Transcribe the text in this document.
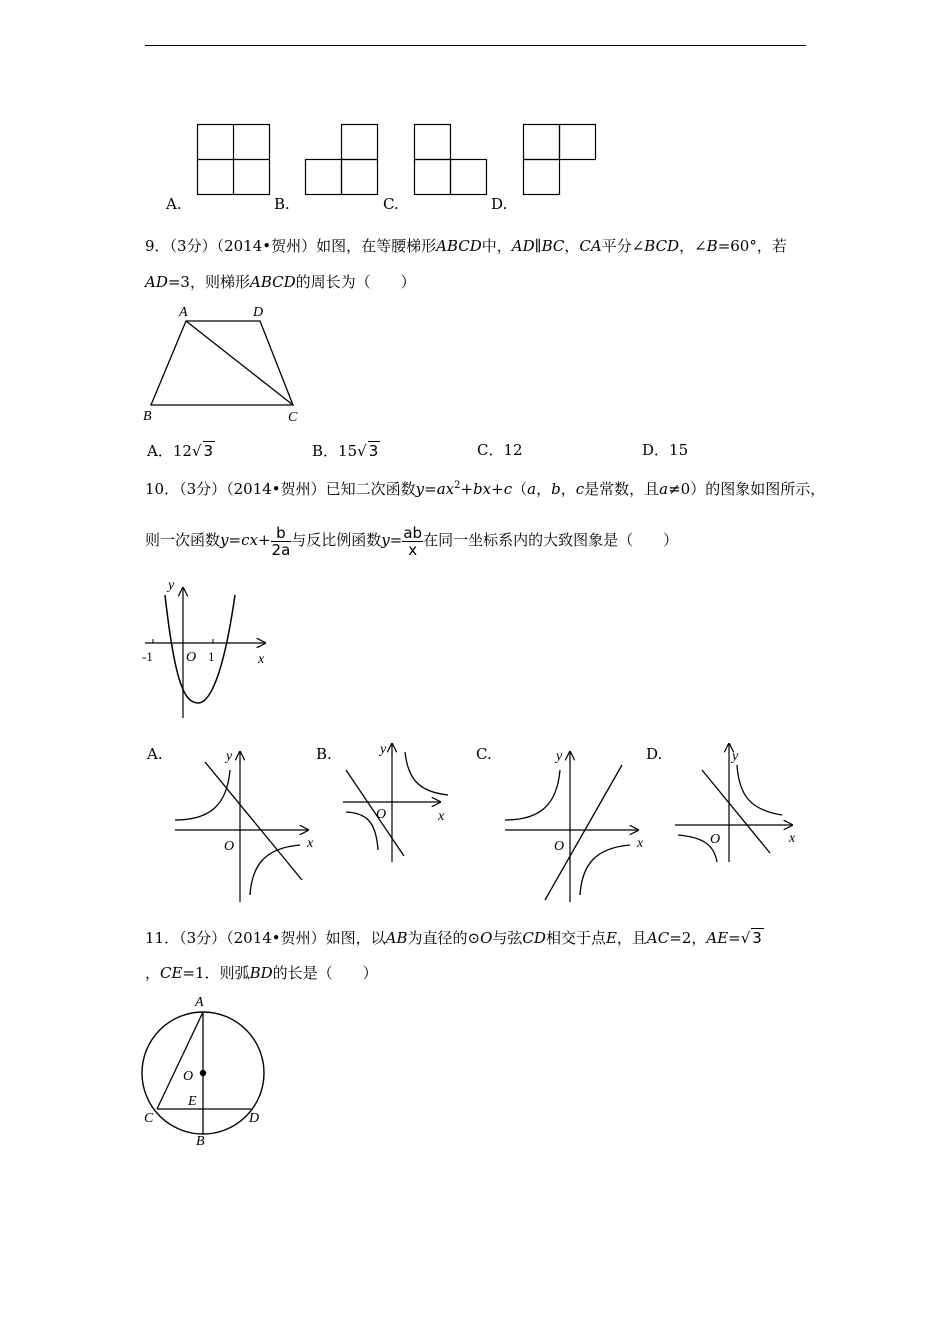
A.	B.	C.	D.
9．（3分）（2014•贺州）如图，在等腰梯形ABCD中，AD∥BC，CA平分∠BCD，∠B=60°，若
AD=3，则梯形ABCD的周长为（　　）
A	D
B	C
A．12√ 3	B．15√ 3	C．12	D．15
10．（3分）（2014•贺州）已知二次函数$y=ax^2+bx+c(a$，b，c是常数，且a≠0）的图象如图所示，
则一次函数$y=cx+ \frac{b}{2a}$ 与反比例函数$y= \frac{ab}{x}$ 在同一坐标系内的大致图象是（　　）
y
x
O
-1	1
A.	B.	C.	D.
y
x
O
y
x
O
y
x
O
y
x
O
11．（3分）（2014•贺州）如图，以AB为直径的⊙O与弦CD相交于点E，且AC=2，AE=√ 3
，CE=1．则弧BD的长是（　　）
A
O
E
C	D
B
